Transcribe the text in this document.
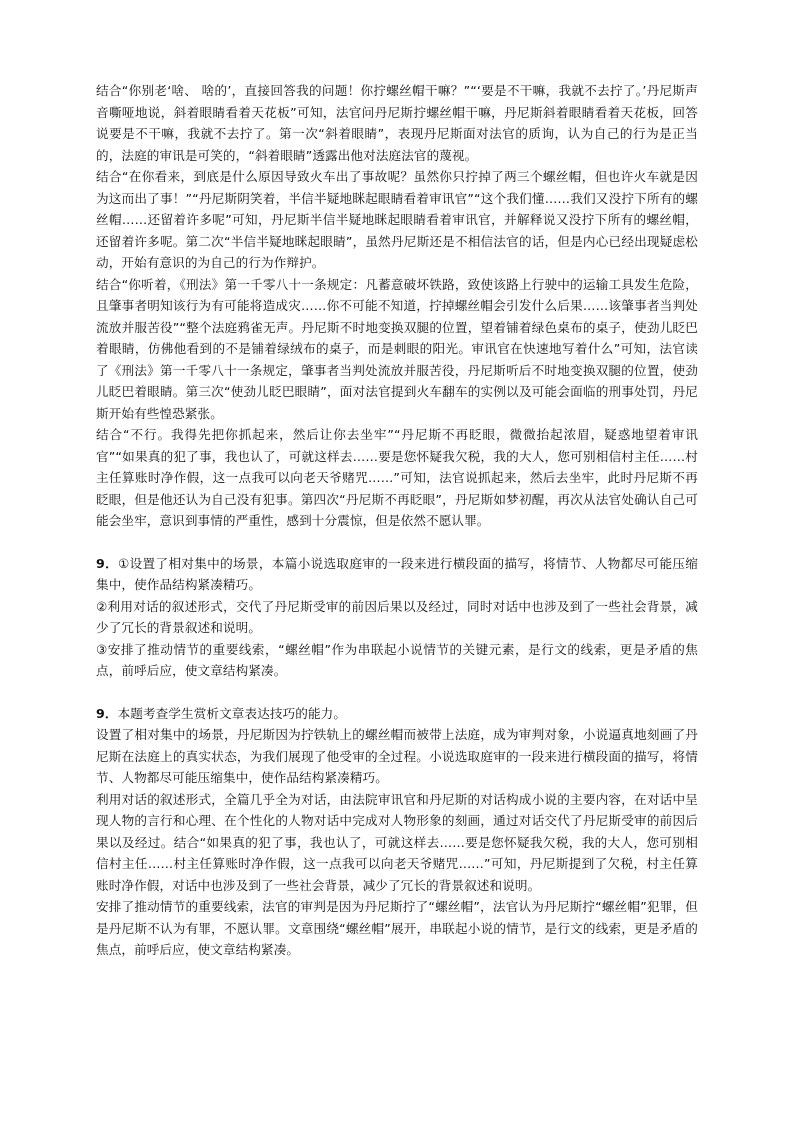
结合“你别老‘啥、 啥的’，直接回答我的问题！你拧螺丝帽干嘛？”“‘要是不干嘛，我就不去拧了。’丹尼斯声音嘶哑地说，斜着眼睛看着天花板”可知，法官问丹尼斯拧螺丝帽干嘛，丹尼斯斜着眼睛看着天花板，回答说要是不干嘛，我就不去拧了。第一次“斜着眼睛”，表现丹尼斯面对法官的质询，认为自己的行为是正当的，法庭的审讯是可笑的，“斜着眼睛”透露出他对法庭法官的蔑视。

结合“在你看来，到底是什么原因导致火车出了事故呢？虽然你只拧掉了两三个螺丝帽，但也许火车就是因为这而出了事！”“丹尼斯阴笑着，半信半疑地眯起眼睛看着审讯官”“这个我们懂……我们又没拧下所有的螺丝帽……还留着许多呢”可知，丹尼斯半信半疑地眯起眼睛看着审讯官，并解释说又没拧下所有的螺丝帽，还留着许多呢。第二次“半信半疑地眯起眼睛”，虽然丹尼斯还是不相信法官的话，但是内心已经出现疑虑松动，开始有意识的为自己的行为作辩护。

结合“你听着，《刑法》第一千零八十一条规定：凡蓄意破坏铁路，致使该路上行驶中的运输工具发生危险，且肇事者明知该行为有可能将造成灾……你不可能不知道，拧掉螺丝帽会引发什么后果……该肇事者当判处流放并服苦役”“整个法庭鸦雀无声。丹尼斯不时地变换双腿的位置，望着铺着绿色桌布的桌子，使劲儿眨巴着眼睛，仿佛他看到的不是铺着绿绒布的桌子，而是刺眼的阳光。审讯官在快速地写着什么”可知，法官读了《刑法》第一千零八十一条规定，肇事者当判处流放并服苦役，丹尼斯听后不时地变换双腿的位置，使劲儿眨巴着眼睛。第三次“使劲儿眨巴眼睛”，面对法官提到火车翻车的实例以及可能会面临的刑事处罚，丹尼斯开始有些惶恐紧张。

结合“不行。我得先把你抓起来，然后让你去坐牢”“丹尼斯不再眨眼，微微抬起浓眉，疑惑地望着审讯官”“如果真的犯了事，我也认了，可就这样去……要是您怀疑我欠税，我的大人，您可别相信村主任……村主任算账时净作假，这一点我可以向老天爷赌咒……”可知，法官说抓起来，然后去坐牢，此时丹尼斯不再眨眼，但是他还认为自己没有犯事。第四次“丹尼斯不再眨眼”，丹尼斯如梦初醒，再次从法官处确认自己可能会坐牢，意识到事情的严重性，感到十分震惊，但是依然不愿认罪。

9．①设置了相对集中的场景，本篇小说选取庭审的一段来进行横段面的描写，将情节、人物都尽可能压缩集中，使作品结构紧凑精巧。

②利用对话的叙述形式，交代了丹尼斯受审的前因后果以及经过，同时对话中也涉及到了一些社会背景，减少了冗长的背景叙述和说明。

③安排了推动情节的重要线索，“螺丝帽”作为串联起小说情节的关键元素，是行文的线索，更是矛盾的焦点，前呼后应，使文章结构紧凑。

9．本题考查学生赏析文章表达技巧的能力。

设置了相对集中的场景，丹尼斯因为拧铁轨上的螺丝帽而被带上法庭，成为审判对象，小说逼真地刻画了丹尼斯在法庭上的真实状态，为我们展现了他受审的全过程。小说选取庭审的一段来进行横段面的描写，将情节、人物都尽可能压缩集中，使作品结构紧凑精巧。

利用对话的叙述形式，全篇几乎全为对话，由法院审讯官和丹尼斯的对话构成小说的主要内容，在对话中呈现人物的言行和心理、在个性化的人物对话中完成对人物形象的刻画，通过对话交代了丹尼斯受审的前因后果以及经过。结合“如果真的犯了事，我也认了，可就这样去……要是您怀疑我欠税，我的大人，您可别相信村主任……村主任算账时净作假，这一点我可以向老天爷赌咒……”可知，丹尼斯提到了欠税，村主任算账时净作假，对话中也涉及到了一些社会背景，减少了冗长的背景叙述和说明。

安排了推动情节的重要线索，法官的审判是因为丹尼斯拧了“螺丝帽”，法官认为丹尼斯拧“螺丝帽”犯罪，但是丹尼斯不认为有罪，不愿认罪。文章围绕“螺丝帽”展开，串联起小说的情节，是行文的线索，更是矛盾的焦点，前呼后应，使文章结构紧凑。
